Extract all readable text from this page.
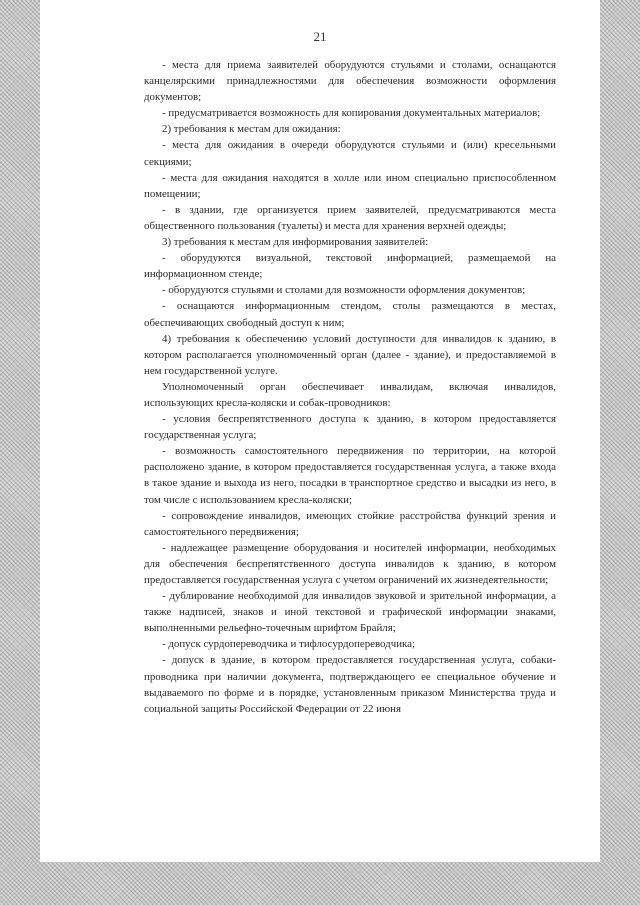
21

- места для приема заявителей оборудуются стульями и столами, оснащаются канцелярскими принадлежностями для обеспечения возможности оформления документов;

- предусматривается возможность для копирования документальных материалов;

2) требования к местам для ожидания:

- места для ожидания в очереди оборудуются стульями и (или) кресельными секциями;

- места для ожидания находятся в холле или ином специально приспособленном помещении;

- в здании, где организуется прием заявителей, предусматриваются места общественного пользования (туалеты) и места для хранения верхней одежды;

3) требования к местам для информирования заявителей:

- оборудуются визуальной, текстовой информацией, размещаемой на информационном стенде;

- оборудуются стульями и столами для возможности оформления документов;

- оснащаются информационным стендом, столы размещаются в местах, обеспечивающих свободный доступ к ним;

4) требования к обеспечению условий доступности для инвалидов к зданию, в котором располагается уполномоченный орган (далее - здание), и предоставляемой в нем государственной услуге.

Уполномоченный орган обеспечивает инвалидам, включая инвалидов, использующих кресла-коляски и собак-проводников:

- условия беспрепятственного доступа к зданию, в котором предоставляется государственная услуга;

- возможность самостоятельного передвижения по территории, на которой расположено здание, в котором предоставляется государственная услуга, а также входа в такое здание и выхода из него, посадки в транспортное средство и высадки из него, в том числе с использованием кресла-коляски;

- сопровождение инвалидов, имеющих стойкие расстройства функций зрения и самостоятельного передвижения;

- надлежащее размещение оборудования и носителей информации, необходимых для обеспечения беспрепятственного доступа инвалидов к зданию, в котором предоставляется государственная услуга с учетом ограничений их жизнедеятельности;

- дублирование необходимой для инвалидов звуковой и зрительной информации, а также надписей, знаков и иной текстовой и графической информации знаками, выполненными рельефно-точечным шрифтом Брайля;

- допуск сурдопереводчика и тифлосурдопереводчика;

- допуск в здание, в котором предоставляется государственная услуга, собаки-проводника при наличии документа, подтверждающего ее специальное обучение и выдаваемого по форме и в порядке, установленным приказом Министерства труда и социальной защиты Российской Федерации от 22 июня
